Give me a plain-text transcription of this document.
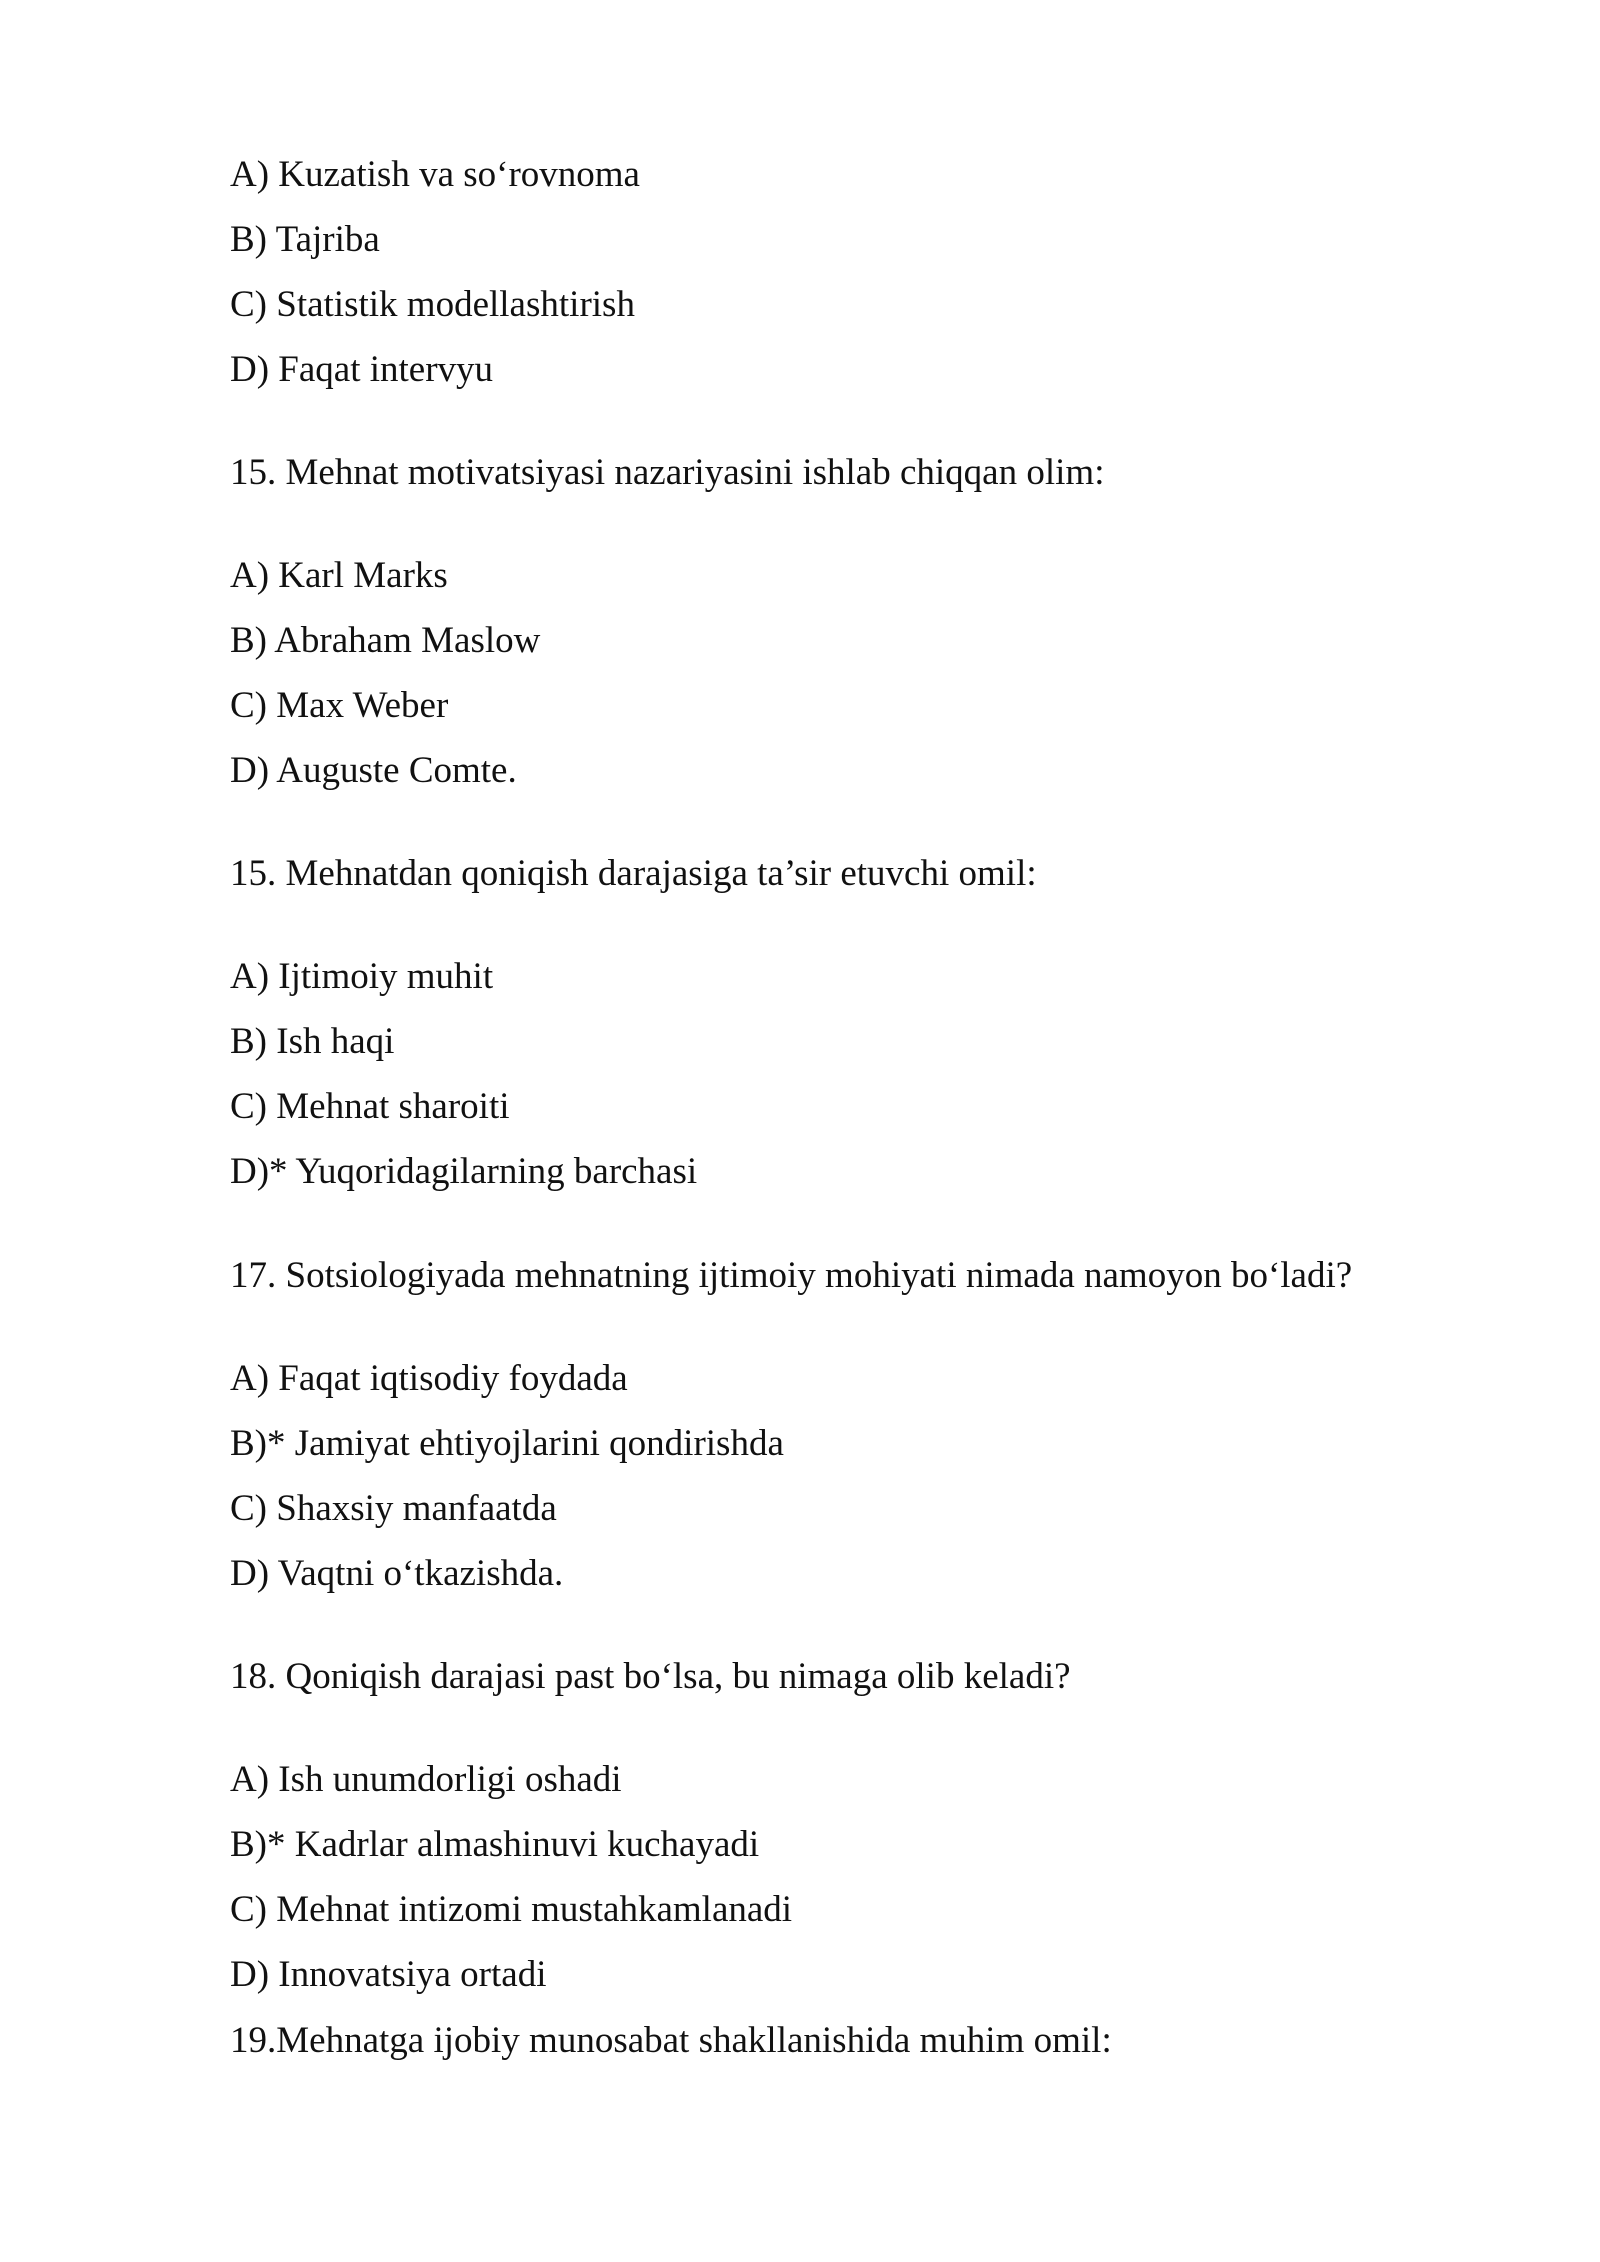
A) Kuzatish va so‘rovnoma
B) Tajriba
C) Statistik modellashtirish
D) Faqat intervyu
15. Mehnat motivatsiyasi nazariyasini ishlab chiqqan olim:
A) Karl Marks
B) Abraham Maslow
C) Max Weber
D) Auguste Comte.
15. Mehnatdan qoniqish darajasiga ta’sir etuvchi omil:
A) Ijtimoiy muhit
B) Ish haqi
C) Mehnat sharoiti
D)* Yuqoridagilarning barchasi
17. Sotsiologiyada mehnatning ijtimoiy mohiyati nimada namoyon bo‘ladi?
A) Faqat iqtisodiy foydada
B)* Jamiyat ehtiyojlarini qondirishda
C) Shaxsiy manfaatda
D) Vaqtni o‘tkazishda.
18. Qoniqish darajasi past bo‘lsa, bu nimaga olib keladi?
A) Ish unumdorligi oshadi
B)* Kadrlar almashinuvi kuchayadi
C) Mehnat intizomi mustahkamlanadi
D) Innovatsiya ortadi
19.Mehnatga ijobiy munosabat shakllanishida muhim omil:
